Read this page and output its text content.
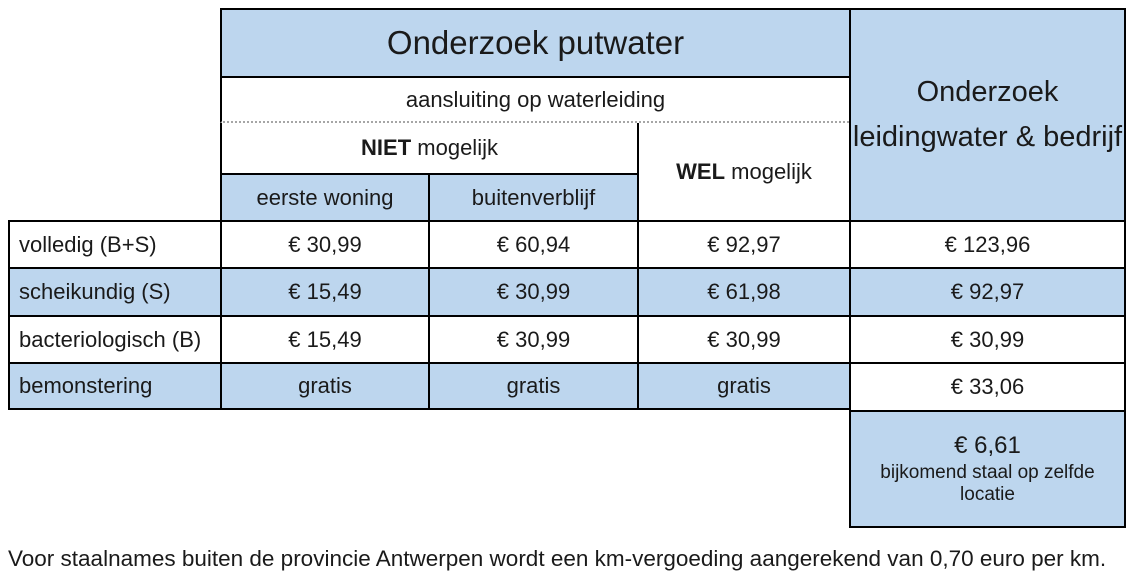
Onderzoek putwater
Onderzoek leidingwater & bedrijf
aansluiting op waterleiding
NIET mogelijk
WEL mogelijk
eerste woning	buitenverblijf
volledig (B+S)	€ 30,99	€ 60,94	€ 92,97	€ 123,96
scheikundig (S)	€ 15,49	€ 30,99	€ 61,98	€ 92,97
bacteriologisch (B)	€ 15,49	€ 30,99	€ 30,99	€ 30,99
bemonstering	gratis	gratis	gratis	€ 33,06
€ 6,61
bijkomend staal op zelfde locatie
Voor staalnames buiten de provincie Antwerpen wordt een km-vergoeding aangerekend van 0,70 euro per km.
